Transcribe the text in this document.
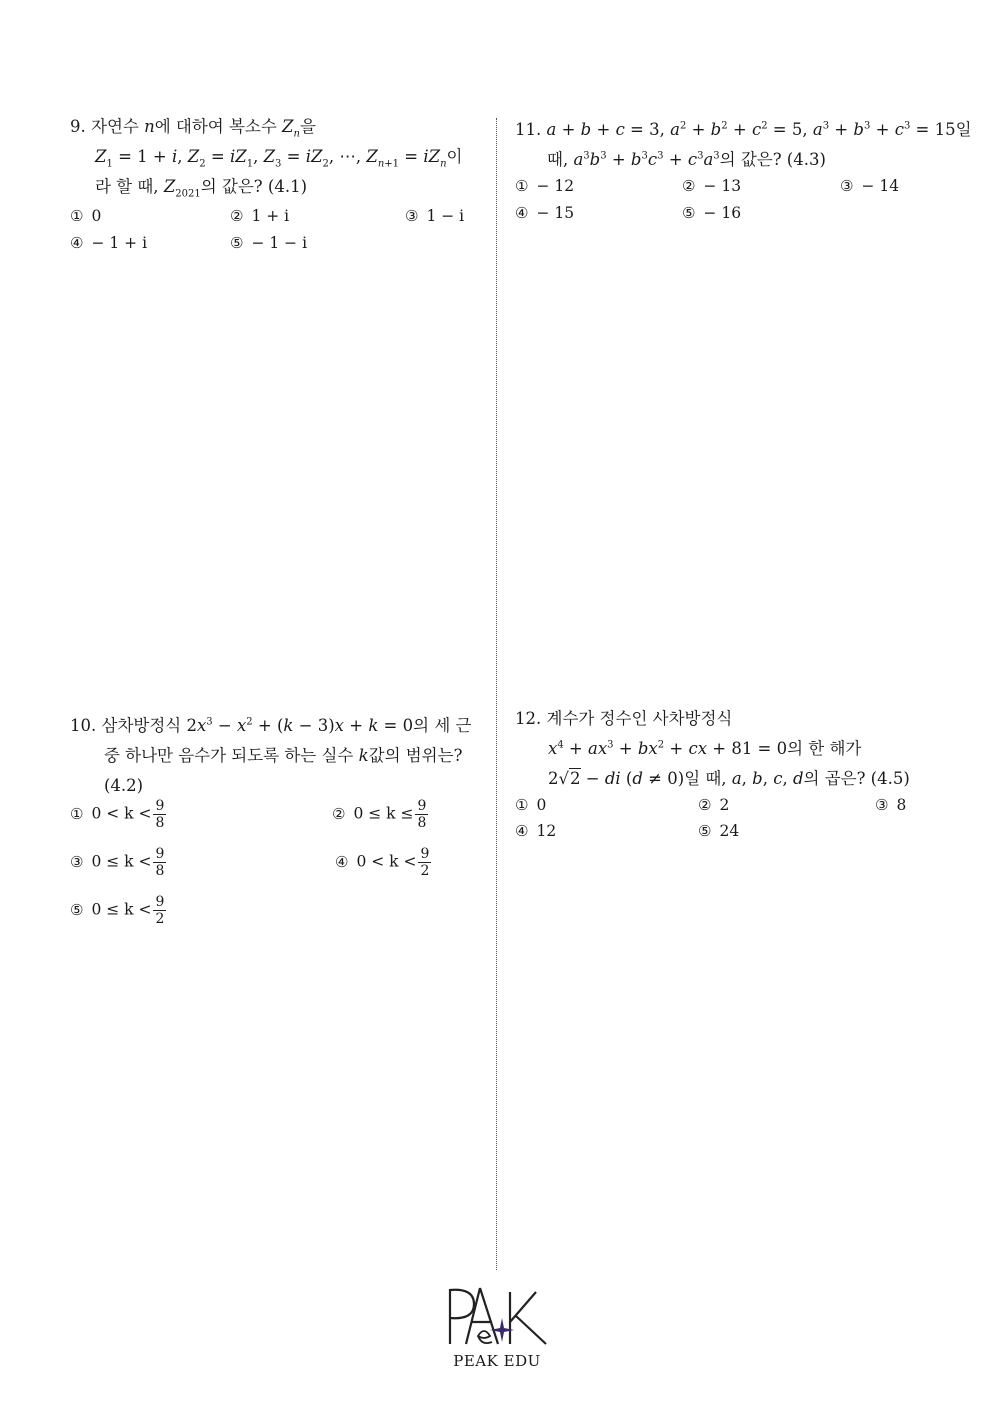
9. 자연수 n에 대하여 복소수 $Z_n$을
$Z_1 = 1 + i$, $Z_2 = iZ_1$, $Z_3 = iZ_2$, ⋯, $Z_{n+1} = iZ_n$이
라 할 때, $Z_{2021}$의 값은? (4.1)
① 0	② 1 + i	③ 1 − i
④ − 1 + i	⑤ − 1 − i
11. a + b + c = 3, $a^2 + b^2 + c^2 = 5$, $a^3 + b^3 + c^3 = 15$일
때, $a^3b^3 + b^3c^3 + c^3a^3$의 값은? (4.3)
① − 12	② − 13	③ − 14
④ − 15	⑤ − 16
10. 삼차방정식 $2x^3 - x^2 + (k - 3)x + k = 0$의 세 근
중 하나만 음수가 되도록 하는 실수 k값의 범위는?
(4.2)
① $0 < k < \frac{9}{8}$	② $0 \le k \le \frac{9}{8}$
③ $0 \le k < \frac{9}{8}$	④ $0 < k < \frac{9}{2}$
⑤ $0 \le k < \frac{9}{2}$
12. 계수가 정수인 사차방정식
$x^4 + ax^3 + bx^2$ + cx + 81 = 0의 한 해가
2√2 − di (d ≠ 0)일 때, a, b, c, d의 곱은? (4.5)
① 0	② 2	③ 8
④ 12	⑤ 24
PEAK EDU
